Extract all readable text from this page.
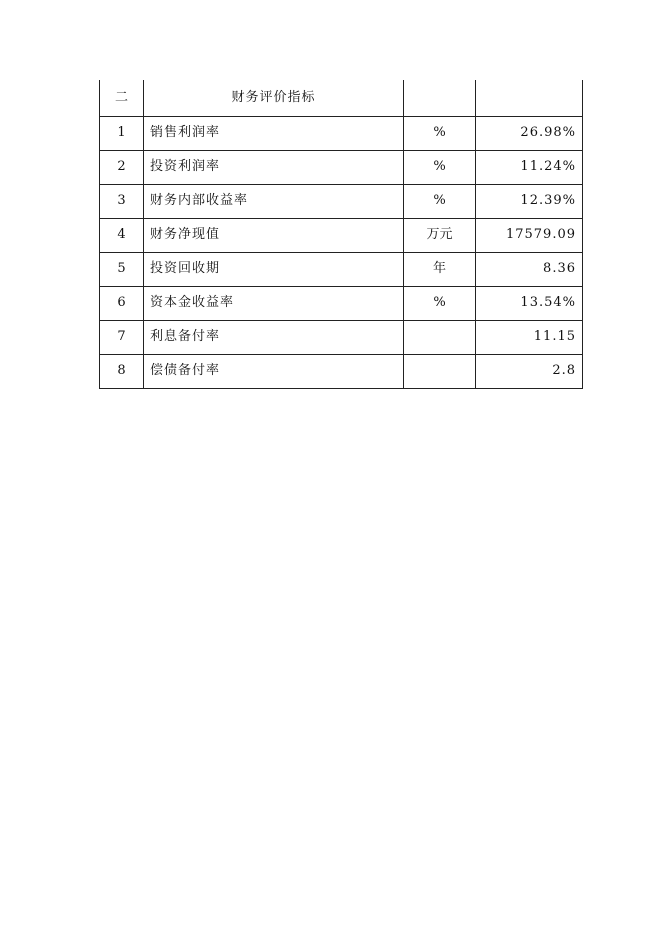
二	财务评价指标		
1	销售利润率	%	26.98%
2	投资利润率	%	11.24%
3	财务内部收益率	%	12.39%
4	财务净现值	万元	17579.09
5	投资回收期	年	8.36
6	资本金收益率	%	13.54%
7	利息备付率		11.15
8	偿债备付率		2.8
